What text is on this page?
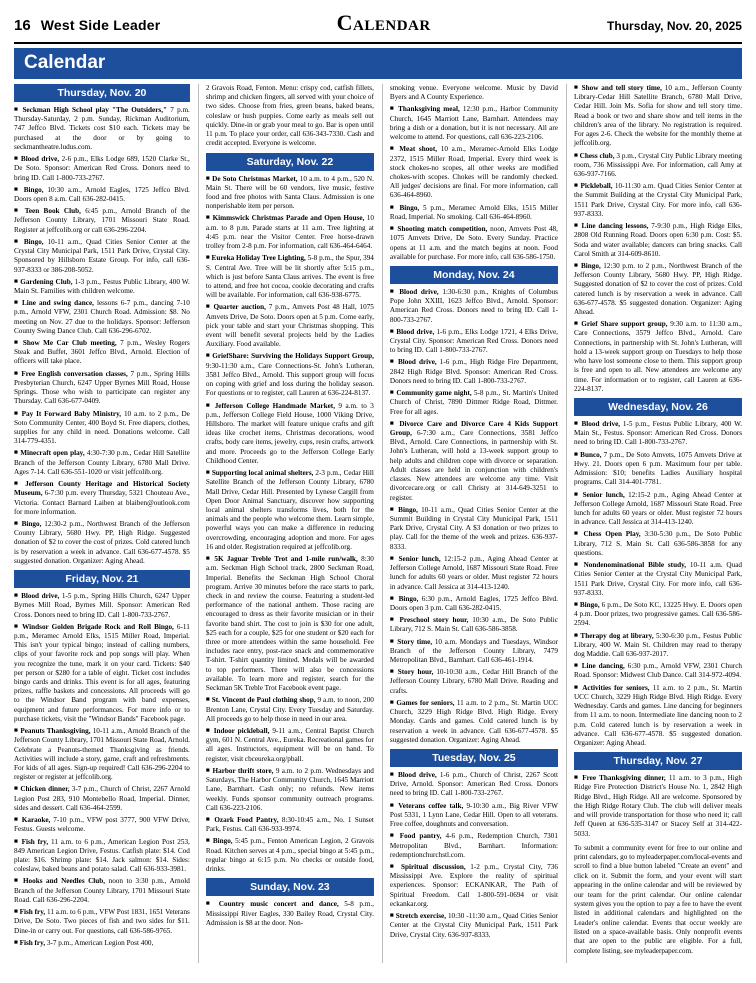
16 West Side Leader	Calendar	Thursday, Nov. 20, 2025
Calendar
Thursday, Nov. 20

■ Seckman High School play "The Outsiders," 7 p.m. Thursday-Saturday, 2 p.m. Sunday, Rickman Auditorium, 747 Jeffco Blvd. Tickets cost $10 each. Tickets may be purchased at the door or by going to seckmantheatre.ludus.com.

■ Blood drive, 2-6 p.m., Elks Lodge 689, 1520 Clarke St., De Soto. Sponsor: American Red Cross. Donors need to bring ID. Call 1-800-733-2767.

■ Bingo, 10:30 a.m., Arnold Eagles, 1725 Jeffco Blvd. Doors open 8 a.m. Call 636-282-0415.

■ Teen Book Club, 6:45 p.m., Arnold Branch of the Jefferson County Library, 1701 Missouri State Road. Register at jeffcolib.org or call 636-296-2204.

■ Bingo, 10-11 a.m., Quad Cities Senior Center at the Crystal City Municipal Park, 1511 Park Drive, Crystal City. Sponsored by Hillsboro Estate Group. For info, call 636-937-8333 or 386-208-5052.

■ Gardening Club, 1-3 p.m., Festus Public Library, 400 W. Main St. Families with children welcome.

■ Line and swing dance, lessons 6-7 p.m., dancing 7-10 p.m., Arnold VFW, 2301 Church Road. Admission: $8. No meeting on Nov. 27 due to the holidays. Sponsor: Jefferson County Swing Dance Club. Call 636-296-6702.

■ Show Me Car Club meeting, 7 p.m., Wesley Rogers Steak and Buffet, 3601 Jeffco Blvd., Arnold. Election of officers will take place.

■ Free English conversation classes, 7 p.m., Spring Hills Presbyterian Church, 6247 Upper Byrnes Mill Road, House Springs. Those who wish to participate can register any Thursday. Call 636-677-0409.

■ Pay It Forward Baby Ministry, 10 a.m. to 2 p.m., De Soto Community Center, 400 Boyd St. Free diapers, clothes, supplies for any child in need. Donations welcome. Call 314-779-4351.

■ Minecraft open play, 4:30-7:30 p.m., Cedar Hill Satellite Branch of the Jefferson County Library, 6780 Mall Drive. Ages 7-14. Call 636-551-1020 or visit jeffcolib.org.

■ Jefferson County Heritage and Historical Society Museum, 6-7:30 p.m. every Thursday, 5321 Chouteau Ave., Victoria. Contact Barnard Laiben at blaiben@outlook.com for more information.

■ Bingo, 12:30-2 p.m., Northwest Branch of the Jefferson County Library, 5680 Hwy. PP, High Ridge. Suggested donation of $2 to cover the cost of prizes. Cold catered lunch is by reservation a week in advance. Call 636-677-4578. $5 suggested donation. Organizer: Aging Ahead.

Friday, Nov. 21

■ Blood drive, 1-5 p.m., Spring Hills Church, 6247 Upper Byrnes Mill Road, Byrnes Mill. Sponsor: American Red Cross. Donors need to bring ID. Call 1-800-733-2767.

■ Windsor Golden Brigade Rock and Roll Bingo, 6-11 p.m., Meramec Arnold Elks, 1515 Miller Road, Imperial. This isn't your typical bingo; instead of calling numbers, clips of your favorite rock and pop songs will play. When you recognize the tune, mark it on your card. Tickets: $40 per person or $280 for a table of eight. Ticket cost includes bingo cards and drinks. This event is for all ages, featuring prizes, raffle baskets and concessions. All proceeds will go to the Windsor Band program with band expenses, equipment and future performances. For more info or to purchase tickets, visit the "Windsor Bands" Facebook page.

■ Peanuts Thanksgiving, 10-11 a.m., Arnold Branch of the Jefferson County Library, 1701 Missouri State Road, Arnold. Celebrate a Peanuts-themed Thanksgiving as friends. Activities will include a story, game, craft and refreshments. For kids of all ages. Sign-up required! Call 636-296-2204 to register or register at jeffcolib.org.

■ Chicken dinner, 3-7 p.m., Church of Christ, 2267 Arnold Legion Post 283, 910 Montebello Road, Imperial. Dinner, sides and dessert. Call 636-464-2599.

■ Karaoke, 7-10 p.m., VFW post 3777, 900 VFW Drive, Festus. Guests welcome.

■ Fish fry, 11 a.m. to 6 p.m., American Legion Post 253, 849 American Legion Drive, Festus. Catfish plate: $14. Cod plate: $16. Shrimp plate: $14. Jack salmon: $14. Sides: coleslaw, baked beans and potato salad. Call 636-933-3981.

■ Hooks and Needles Club, noon to 3:30 p.m., Arnold Branch of the Jefferson County Library, 1701 Missouri State Road. Call 636-296-2204.

■ Fish fry, 11 a.m. to 6 p.m., VFW Post 1831, 1651 Veterans Drive, De Soto. Two pieces of fish and two sides for $11. Dine-in or carry out. For questions, call 636-586-9765.

■ Fish fry, 3-7 p.m., American Legion Post 400,

2 Gravois Road, Fenton. Menu: crispy cod, catfish fillets, shrimp and chicken fingers, all served with your choice of two sides. Choose from fries, green beans, baked beans, coleslaw or hush puppies. Come early as meals sell out quickly. Dine-in or grab your meal to go. Bar is open until 11 p.m. To place your order, call 636-343-7330. Cash and credit accepted. Everyone is welcome.

Saturday, Nov. 22

■ De Soto Christmas Market, 10 a.m. to 4 p.m., 520 N. Main St. There will be 60 vendors, live music, festive food and free photos with Santa Claus. Admission is one nonperishable item per person.

■ Kimmswick Christmas Parade and Open House, 10 a.m. to 8 p.m. Parade starts at 11 a.m. Tree lighting at 4:45 p.m. near the Visitor Center. Free horse-drawn trolley from 2-8 p.m. For information, call 636-464-6464.

■ Eureka Holiday Tree Lighting, 5-8 p.m., the Spur, 394 S. Central Ave. Tree will be lit shortly after 5:15 p.m., which is just before Santa Claus arrives. The event is free to attend, and free hot cocoa, cookie decorating and crafts will be available. For information, call 636-938-6775.

■ Quarter auction, 7 p.m., Amvets Post 48 Hall, 1075 Amvets Drive, De Soto. Doors open at 5 p.m. Come early, pick your table and start your Christmas shopping. This event will benefit several projects held by the Ladies Auxiliary. Food available.

■ GriefShare: Surviving the Holidays Support Group, 9:30-11:30 a.m., Care Connections-St. John's Lutheran, 3581 Jeffco Blvd., Arnold. This support group will focus on coping with grief and loss during the holiday season. For questions or to register, call Lauren at 636-224-8137.

■ Jefferson College Handmade Market, 9 a.m. to 3 p.m., Jefferson College Field House, 1000 Viking Drive, Hillsboro. The market will feature unique crafts and gift ideas like crochet items, Christmas decorations, wood crafts, body care items, jewelry, cups, resin crafts, artwork and more. Proceeds go to the Jefferson College Early Childhood Center.

■ Supporting local animal shelters, 2-3 p.m., Cedar Hill Satellite Branch of the Jefferson County Library, 6780 Mall Drive, Cedar Hill. Presented by Lynese Cargill from Open Door Animal Sanctuary, discover how supporting local animal shelters transforms lives, both for the animals and the people who welcome them. Learn simple, powerful ways you can make a difference in reducing overcrowding, encouraging adoption and more. For ages 16 and older. Registration required at jeffcolib.org.

■ 5K Jaguar Treble Trot and 1-mile run/walk, 8:30 a.m. Seckman High School track, 2800 Seckman Road, Imperial. Benefits the Seckman High School Choral program. Arrive 30 minutes before the race starts to park, check in and review the course. Featuring a student-led performance of the national anthem. Those racing are encouraged to dress as their favorite musician or in their favorite band shirt. The cost to join is $30 for one adult, $25 each for a couple, $25 for one student or $20 each for three or more attendees within the same household. Fee includes race entry, post-race snack and commemorative T-shirt. T-shirt quantity limited. Medals will be awarded to top performers. There will also be concessions available. To learn more and register, search for the Seckman 5K Treble Trot Facebook event page.

■ St. Vincent de Paul clothing shop, 9 a.m. to noon, 200 Brenton Lane, Crystal City. Every Tuesday and Saturday. All proceeds go to help those in need in our area.

■ Indoor pickleball, 9-11 a.m., Central Baptist Church gym, 601 N. Central Ave., Eureka. Recreational games for all ages. Instructors, equipment will be on hand. To register, visit cbceureka.org/pball.

■ Harbor thrift store, 9 a.m. to 2 p.m. Wednesdays and Saturdays, The Harbor Community Church, 1645 Marriott Lane, Barnhart. Cash only; no refunds. New items weekly. Funds sponsor community outreach programs. Call 636-223-2106.

■ Ozark Food Pantry, 8:30-10:45 a.m., No. 1 Sunset Park, Festus. Call 636-933-9974.

■ Bingo, 5:45 p.m., Fenton American Legion, 2 Gravois Road. Kitchen serves at 4 p.m., special bingo at 5:45 p.m., regular bingo at 6:15 p.m. No checks or outside food, drinks.

Sunday, Nov. 23

■ Country music concert and dance, 5-8 p.m., Mississippi River Eagles, 330 Bailey Road, Crystal City. Admission is $8 at the door. Non-

smoking venue. Everyone welcome. Music by David Byers and A County Experience.

■ Thanksgiving meal, 12:30 p.m., Harbor Community Church, 1645 Marriott Lane, Barnhart. Attendees may bring a dish or a donation, but it is not necessary. All are welcome to attend. For questions, call 636-223-2106.

■ Meat shoot, 10 a.m., Meramec-Arnold Elks Lodge 2372, 1515 Miller Road, Imperial. Every third week is stock chokes-no scopes, all other weeks are modified chokes-with scopes. Chokes will be randomly checked. All judges' decisions are final. For more information, call 636-464-8960.

■ Bingo, 5 p.m., Meramec Arnold Elks, 1515 Miller Road, Imperial. No smoking. Call 636-464-8960.

■ Shooting match competition, noon, Amvets Post 48, 1075 Amvets Drive, De Soto. Every Sunday. Practice opens at 11 a.m. and the match begins at noon. Food available for purchase. For more info, call 636-586-1750.

Monday, Nov. 24

■ Blood drive, 1:30-6:30 p.m., Knights of Columbus Pope John XXIII, 1623 Jeffco Blvd., Arnold. Sponsor: American Red Cross. Donors need to bring ID. Call 1-800-733-2767.

■ Blood drive, 1-6 p.m., Elks Lodge 1721, 4 Elks Drive, Crystal City. Sponsor: American Red Cross. Donors need to bring ID. Call 1-800-733-2767.

■ Blood drive, 1-6 p.m., High Ridge Fire Department, 2842 High Ridge Blvd. Sponsor: American Red Cross. Donors need to bring ID. Call 1-800-733-2767.

■ Community game night, 5-8 p.m., St. Martin's United Church of Christ, 7890 Dittmer Ridge Road, Dittmer. Free for all ages.

■ Divorce Care and Divorce Care 4 Kids Support Group, 6-7:30 a.m., Care Connections, 3581 Jeffco Blvd., Arnold. Care Connections, in partnership with St. John's Lutheran, will hold a 13-week support group to help adults and children cope with divorce or separation. Adult classes are held in conjunction with children's classes. New attendees are welcome any time. Visit divorcecare.org or call Christy at 314-649-3251 to register.

■ Bingo, 10-11 a.m., Quad Cities Senior Center at the Summit Building in Crystal City Municipal Park, 1511 Park Drive, Crystal City. A $3 donation or two prizes to play. Call for the theme of the week and prizes. 636-937-8333.

■ Senior lunch, 12:15-2 p.m., Aging Ahead Center at Jefferson College Arnold, 1687 Missouri State Road. Free lunch for adults 60 years or older. Must register 72 hours in advance. Call Jessica at 314-413-1240.

■ Bingo, 6:30 p.m., Arnold Eagles, 1725 Jeffco Blvd. Doors open 3 p.m. Call 636-282-0415.

■ Preschool story hour, 10:30 a.m., De Soto Public Library, 712 S. Main St. Call 636-586-3858.

■ Story time, 10 a.m. Mondays and Tuesdays, Windsor Branch of the Jefferson County Library, 7479 Metropolitan Blvd., Barnhart. Call 636-461-1914.

■ Story hour, 10-10:30 a.m., Cedar Hill Branch of the Jefferson County Library, 6780 Mall Drive. Reading and crafts.

■ Games for seniors, 11 a.m. to 2 p.m., St. Martin UCC Church, 3229 High Ridge Blvd. High Ridge. Every Monday. Cards and games. Cold catered lunch is by reservation a week in advance. Call 636-677-4578. $5 suggested donation. Organizer: Aging Ahead.

Tuesday, Nov. 25

■ Blood drive, 1-6 p.m., Church of Christ, 2267 Scott Drive, Arnold. Sponsor: American Red Cross. Donors need to bring ID. Call 1-800-733-2767.

■ Veterans coffee talk, 9-10:30 a.m., Big River VFW Post 5331, 1 Lynn Lane, Cedar Hill. Open to all veterans. Free coffee, doughnuts and conversation.

■ Food pantry, 4-6 p.m., Redemption Church, 7301 Metropolitan Blvd., Barnhart. Information: redemptionchurchstl.com.

■ Spiritual discussion, 1-2 p.m., Crystal City, 736 Mississippi Ave. Explore the reality of spiritual experiences. Sponsor: ECKANKAR, The Path of Spiritual Freedom. Call 1-800-591-0694 or visit eckankar.org.

■ Stretch exercise, 10:30 -11:30 a.m., Quad Cities Senior Center at the Crystal City Municipal Park, 1511 Park Drive, Crystal City. 636-937-8333.

■ Show and tell story time, 10 a.m., Jefferson County Library-Cedar Hill Satellite Branch, 6780 Mall Drive, Cedar Hill. Join Ms. Sofia for show and tell story time. Read a book or two and share show and tell items in the children's area of the library. No registration is required. For ages 2-6. Check the website for the monthly theme at jeffcolib.org.

■ Chess club, 3 p.m., Crystal City Public Library meeting room, 736 Mississippi Ave. For information, call Amy at 636-937-7166.

■ Pickleball, 10-11:30 a.m. Quad Cities Senior Center at the Summit Building at the Crystal City Municipal Park, 1511 Park Drive, Crystal City. For more info, call 636-937-8333.

■ Line dancing lessons, 7-9:30 p.m., High Ridge Elks, 2808 Old Running Road. Doors open 6:30 p.m. Cost: $5. Soda and water available; dancers can bring snacks. Call Carol Smith at 314-609-8610.

■ Bingo, 12:30 p.m. to 2 p.m., Northwest Branch of the Jefferson County Library, 5680 Hwy. PP, High Ridge. Suggested donation of $2 to cover the cost of prizes. Cold catered lunch is by reservation a week in advance. Call 636-677-4578. $5 suggested donation. Organizer: Aging Ahead.

■ Grief Share support group, 9:30 a.m. to 11:30 a.m., Care Connections, 3579 Jeffco Blvd., Arnold. Care Connections, in partnership with St. John's Lutheran, will hold a 13-week support group on Tuesdays to help those who have lost someone close to them. This support group is free and open to all. New attendees are welcome any time. For information or to register, call Lauren at 636-224-8137.

Wednesday, Nov. 26

■ Blood drive, 1-5 p.m., Festus Public Library, 400 W. Main St., Festus. Sponsor: American Red Cross. Donors need to bring ID. Call 1-800-733-2767.

■ Bunco, 7 p.m., De Soto Amvets, 1075 Amvets Drive at Hwy. 21. Doors open 6 p.m. Maximum four per table. Admission: $10; benefits Ladies Auxiliary hospital programs. Call 314-401-7781.

■ Senior lunch, 12:15-2 p.m., Aging Ahead Center at Jefferson College Arnold, 1687 Missouri State Road. Free lunch for adults 60 years or older. Must register 72 hours in advance. Call Jessica at 314-413-1240.

■ Chess Open Play, 3:30-5:30 p.m., De Soto Public Library, 712 S. Main St. Call 636-586-3858 for any questions.

■ Nondenominational Bible study, 10-11 a.m. Quad Cities Senior Center at the Crystal City Municipal Park, 1511 Park Drive, Crystal City. For more info, call 636-937-8333.

■ Bingo, 6 p.m., De Soto KC, 13225 Hwy. E. Doors open 4 p.m. Door prizes, two progressive games. Call 636-586-2594.

■ Therapy dog at library, 5:30-6:30 p.m., Festus Public Library, 400 W. Main St. Children may read to therapy dog Maddie. Call 636-937-2017.

■ Line dancing, 6:30 p.m., Arnold VFW, 2301 Church Road. Sponsor: Midwest Club Dance. Call 314-972-4094.

■ Activities for seniors, 11 a.m. to 2 p.m., St. Martin UCC Church, 3229 High Ridge Blvd. High Ridge. Every Wednesday. Cards and games. Line dancing for beginners from 11 a.m. to noon. Intermediate line dancing noon to 2 p.m. Cold catered lunch is by reservation a week in advance. Call 636-677-4578. $5 suggested donation. Organizer: Aging Ahead.

Thursday, Nov. 27

■ Free Thanksgiving dinner, 11 a.m. to 3 p.m., High Ridge Fire Protection District's House No. 1, 2842 High Ridge Blvd., High Ridge. All are welcome. Sponsored by the High Ridge Rotary Club. The club will deliver meals and will provide transportation for those who need it; call Jeff Queen at 636-535-3147 or Stacey Self at 314-422-5033.

To submit a community event for free to our online and print calendars, go to myleaderpaper.com/local-events and scroll to find a blue button labeled "Create an event" and click on it. Submit the form, and your event will start appearing in the online calendar and will be reviewed by our team for the print calendar. Our online calendar system gives you the option to pay a fee to have the event listed in additional calendars and highlighted on the Leader's online calendar. Events that occur weekly are listed on a space-available basis. Only nonprofit events that are open to the public are eligible. For a full, complete listing, see myleaderpaper.com.
